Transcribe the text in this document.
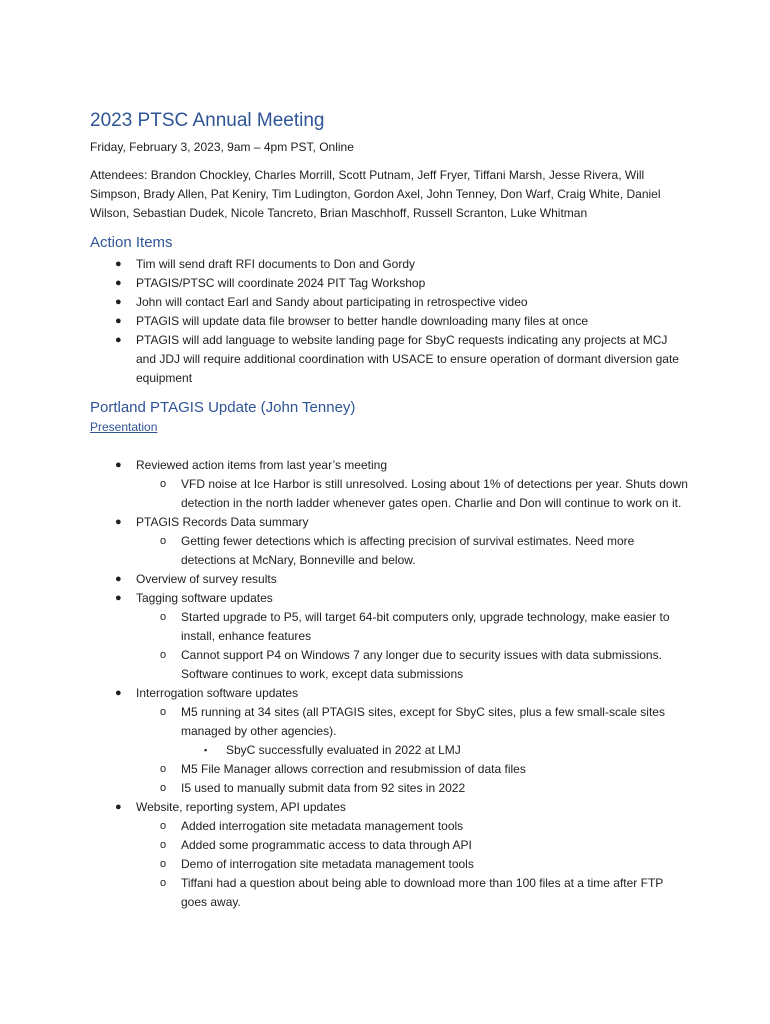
2023 PTSC Annual Meeting
Friday, February 3, 2023, 9am – 4pm PST, Online
Attendees: Brandon Chockley, Charles Morrill, Scott Putnam, Jeff Fryer, Tiffani Marsh, Jesse Rivera, Will Simpson, Brady Allen, Pat Keniry, Tim Ludington, Gordon Axel, John Tenney, Don Warf, Craig White, Daniel Wilson, Sebastian Dudek, Nicole Tancreto, Brian Maschhoff, Russell Scranton, Luke Whitman
Action Items
● Tim will send draft RFI documents to Don and Gordy
● PTAGIS/PTSC will coordinate 2024 PIT Tag Workshop
● John will contact Earl and Sandy about participating in retrospective video
● PTAGIS will update data file browser to better handle downloading many files at once
● PTAGIS will add language to website landing page for SbyC requests indicating any projects at MCJ and JDJ will require additional coordination with USACE to ensure operation of dormant diversion gate equipment
Portland PTAGIS Update (John Tenney)
Presentation
● Reviewed action items from last year’s meeting
o VFD noise at Ice Harbor is still unresolved. Losing about 1% of detections per year. Shuts down detection in the north ladder whenever gates open. Charlie and Don will continue to work on it.
● PTAGIS Records Data summary
o Getting fewer detections which is affecting precision of survival estimates. Need more detections at McNary, Bonneville and below.
● Overview of survey results
● Tagging software updates
o Started upgrade to P5, will target 64-bit computers only, upgrade technology, make easier to install, enhance features
o Cannot support P4 on Windows 7 any longer due to security issues with data submissions. Software continues to work, except data submissions
● Interrogation software updates
o M5 running at 34 sites (all PTAGIS sites, except for SbyC sites, plus a few small-scale sites managed by other agencies).
▪ SbyC successfully evaluated in 2022 at LMJ
o M5 File Manager allows correction and resubmission of data files
o I5 used to manually submit data from 92 sites in 2022
● Website, reporting system, API updates
o Added interrogation site metadata management tools
o Added some programmatic access to data through API
o Demo of interrogation site metadata management tools
o Tiffani had a question about being able to download more than 100 files at a time after FTP goes away.
